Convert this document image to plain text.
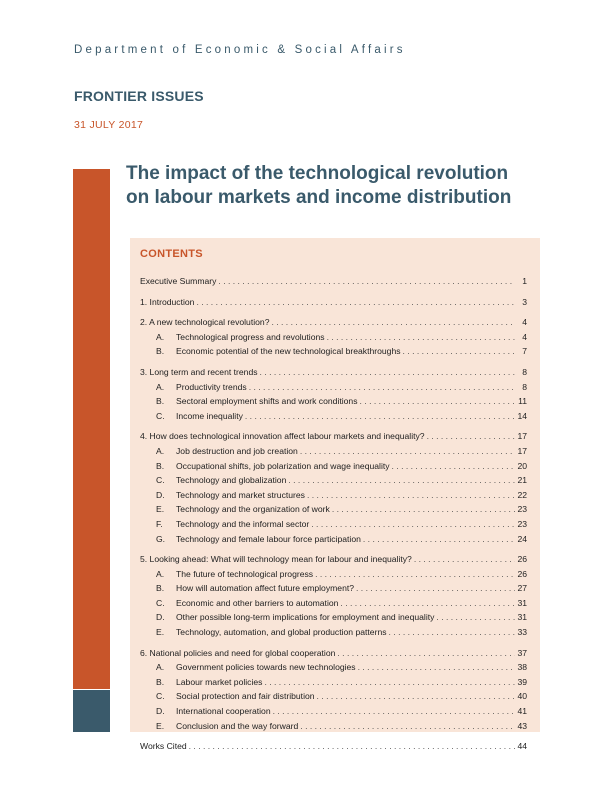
Department of Economic & Social Affairs
FRONTIER ISSUES
31 JULY 2017
The impact of the technological revolution
on labour markets and income distribution
CONTENTS
Executive Summary . . .	1
1. Introduction . . .	3
2. A new technological revolution? . . .	4
A.	Technological progress and revolutions . . .	4
B.	Economic potential of the new technological breakthroughs . . .	7
3. Long term and recent trends . . .	8
A.	Productivity trends . . .	8
B.	Sectoral employment shifts and work conditions . . .	11
C.	Income inequality . . .	14
4. How does technological innovation affect labour markets and inequality? . . .	17
A.	Job destruction and job creation . . .	17
B.	Occupational shifts, job polarization and wage inequality . . .	20
C.	Technology and globalization . . .	21
D.	Technology and market structures . . .	22
E.	Technology and the organization of work . . .	23
F.	Technology and the informal sector . . .	23
G.	Technology and female labour force participation . . .	24
5. Looking ahead: What will technology mean for labour and inequality? . . .	26
A.	The future of technological progress . . .	26
B.	How will automation affect future employment? . . .	27
C.	Economic and other barriers to automation . . .	31
D.	Other possible long-term implications for employment and inequality . . .	31
E.	Technology, automation, and global production patterns . . .	33
6. National policies and need for global cooperation . . .	37
A.	Government policies towards new technologies . . .	38
B.	Labour market policies . . .	39
C.	Social protection and fair distribution . . .	40
D.	International cooperation . . .	41
E.	Conclusion and the way forward . . .	43
Works Cited . . .	44
